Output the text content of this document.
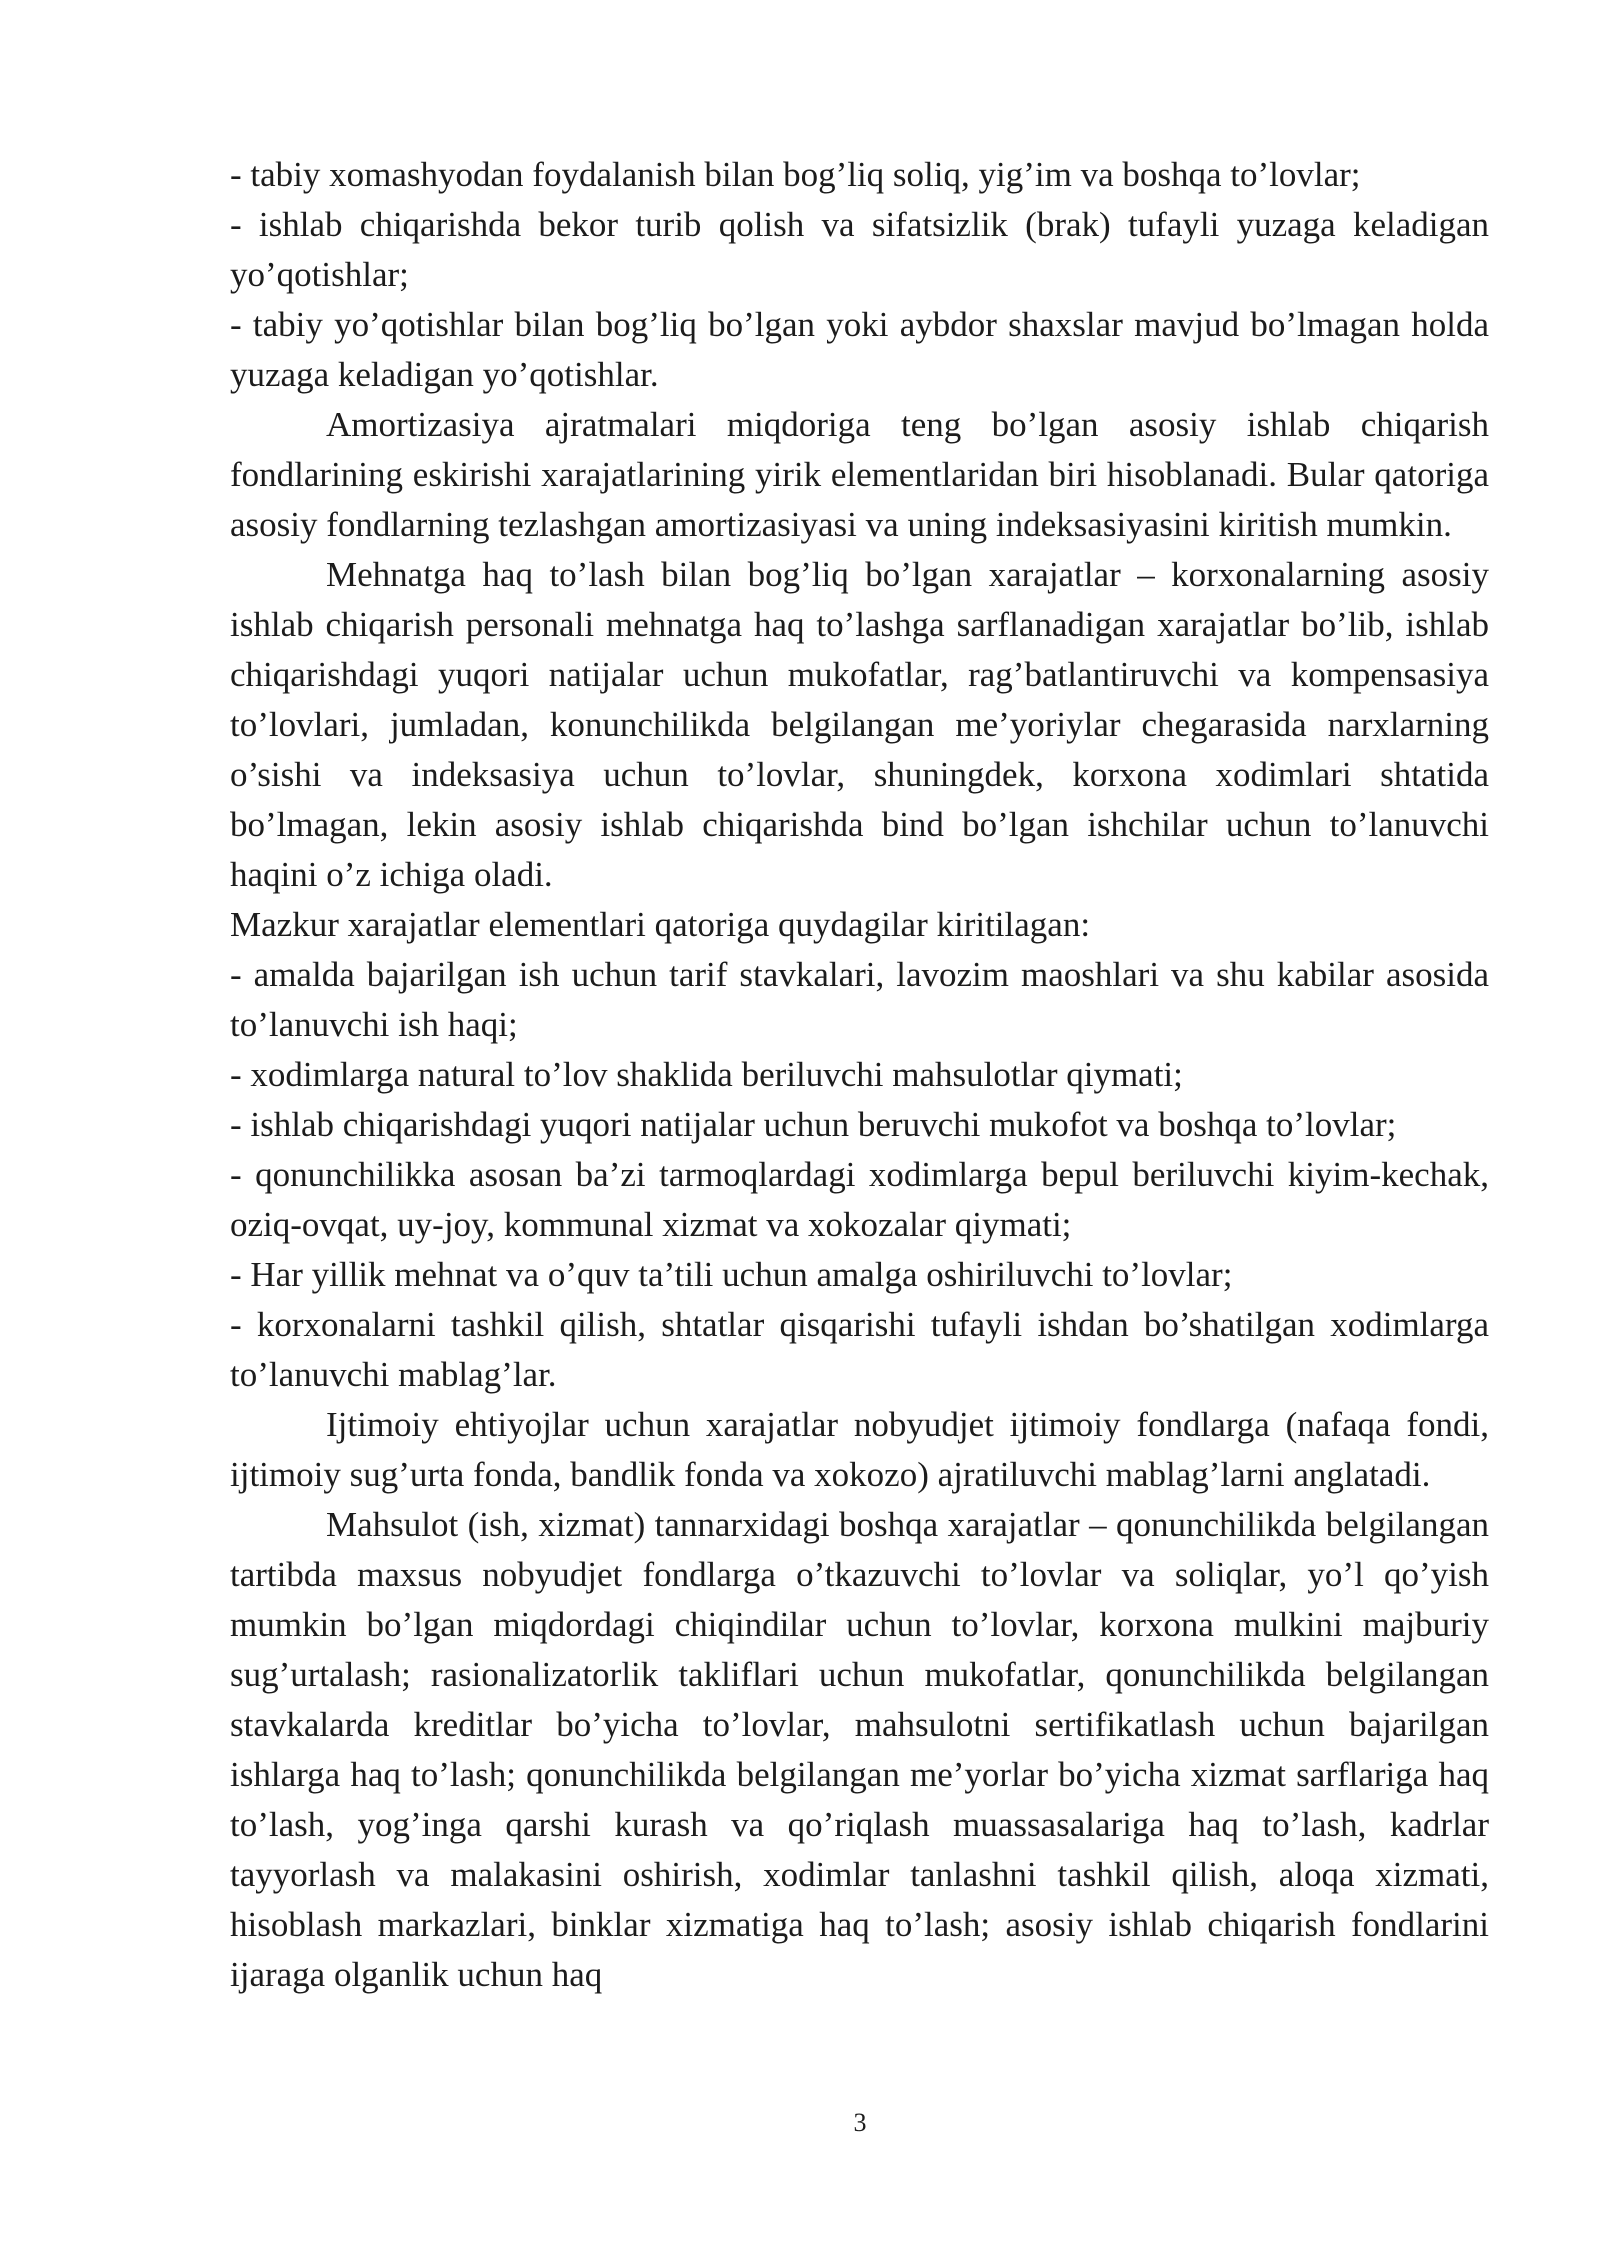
- tabiy xomashyodan foydalanish bilan bog’liq soliq, yig’im va boshqa to’lovlar;

- ishlab chiqarishda bekor turib qolish va sifatsizlik (brak) tufayli yuzaga keladigan yo’qotishlar;

- tabiy yo’qotishlar bilan bog’liq bo’lgan yoki aybdor shaxslar mavjud bo’lmagan holda yuzaga keladigan yo’qotishlar.

Amortizasiya ajratmalari miqdoriga teng bo’lgan asosiy ishlab chiqarish fondlarining eskirishi xarajatlarining yirik elementlaridan biri hisoblanadi. Bular qatoriga asosiy fondlarning tezlashgan amortizasiyasi va uning indeksasiyasini kiritish mumkin.

Mehnatga haq to’lash bilan bog’liq bo’lgan xarajatlar – korxonalarning asosiy ishlab chiqarish personali mehnatga haq to’lashga sarflanadigan xarajatlar bo’lib, ishlab chiqarishdagi yuqori natijalar uchun mukofatlar, rag’batlantiruvchi va kompensasiya to’lovlari, jumladan, konunchilikda belgilangan me’yoriylar chegarasida narxlarning o’sishi va indeksasiya uchun to’lovlar, shuningdek, korxona xodimlari shtatida bo’lmagan, lekin asosiy ishlab chiqarishda bind bo’lgan ishchilar uchun to’lanuvchi haqini o’z ichiga oladi.

Mazkur xarajatlar elementlari qatoriga quydagilar kiritilagan:

- amalda bajarilgan ish uchun tarif stavkalari, lavozim maoshlari va shu kabilar asosida to’lanuvchi ish haqi;

- xodimlarga natural to’lov shaklida beriluvchi mahsulotlar qiymati;

- ishlab chiqarishdagi yuqori natijalar uchun beruvchi mukofot va boshqa to’lovlar;

- qonunchilikka asosan ba’zi tarmoqlardagi xodimlarga bepul beriluvchi kiyim-kechak, oziq-ovqat, uy-joy, kommunal xizmat va xokozalar qiymati;

- Har yillik mehnat va o’quv ta’tili uchun amalga oshiriluvchi to’lovlar;

- korxonalarni tashkil qilish, shtatlar qisqarishi tufayli ishdan bo’shatilgan xodimlarga to’lanuvchi mablag’lar.

Ijtimoiy ehtiyojlar uchun xarajatlar nobyudjet ijtimoiy fondlarga (nafaqa fondi, ijtimoiy sug’urta fonda, bandlik fonda va xokozo) ajratiluvchi mablag’larni anglatadi.

Mahsulot (ish, xizmat) tannarxidagi boshqa xarajatlar – qonunchilikda belgilangan tartibda maxsus nobyudjet fondlarga o’tkazuvchi to’lovlar va soliqlar, yo’l qo’yish mumkin bo’lgan miqdordagi chiqindilar uchun to’lovlar, korxona mulkini majburiy sug’urtalash; rasionalizatorlik takliflari uchun mukofatlar, qonunchilikda belgilangan stavkalarda kreditlar bo’yicha to’lovlar, mahsulotni sertifikatlash uchun bajarilgan ishlarga haq to’lash; qonunchilikda belgilangan me’yorlar bo’yicha xizmat sarflariga haq to’lash, yog’inga qarshi kurash va qo’riqlash muassasalariga haq to’lash, kadrlar tayyorlash va malakasini oshirish, xodimlar tanlashni tashkil qilish, aloqa xizmati, hisoblash markazlari, binklar xizmatiga haq to’lash; asosiy ishlab chiqarish fondlarini ijaraga olganlik uchun haq

3
